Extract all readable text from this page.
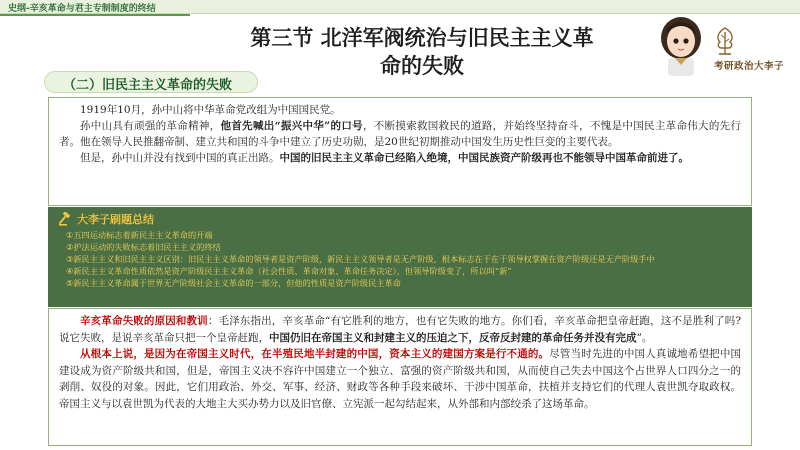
史纲-辛亥革命与君主专制制度的终结
第三节 北洋军阀统治与旧民主主义革
命的失败
（二）旧民主主义革命的失败
考研政治大李子

1919年10月，孙中山将中华革命党改组为中国国民党。

孙中山具有顽强的革命精神，他首先喊出“振兴中华”的口号，不断摸索救国救民的道路，并始终坚持奋斗，不愧是中国民主革命伟大的先行者。他在领导人民推翻帝制、建立共和国的斗争中建立了历史功勋，是20世纪初期推动中国发生历史性巨变的主要代表。

但是，孙中山并没有找到中国的真正出路。中国的旧民主主义革命已经陷入绝境，中国民族资产阶级再也不能领导中国革命前进了。

大李子刷题总结
①五四运动标志着新民主主义革命的开端
②护法运动的失败标志着旧民主主义的终结
③新民主主义和旧民主主义区别：旧民主主义革命的领导者是资产阶级，新民主主义领导者是无产阶级，根本标志在于在于领导权掌握在资产阶级还是无产阶级手中
④新民主主义革命性质依然是资产阶级民主主义革命（社会性质、革命对象、革命任务决定），但领导阶级变了，所以叫“新”
⑤新民主主义革命属于世界无产阶级社会主义革命的一部分，但他的性质是资产阶级民主革命

辛亥革命失败的原因和教训：毛泽东指出，辛亥革命“有它胜利的地方，也有它失败的地方。你们看，辛亥革命把皇帝赶跑，这不是胜利了吗?说它失败，是说辛亥革命只把一个皇帝赶跑，中国仍旧在帝国主义和封建主义的压迫之下，反帝反封建的革命任务并没有完成”。

从根本上说，是因为在帝国主义时代，在半殖民地半封建的中国，资本主义的建国方案是行不通的。尽管当时先进的中国人真诚地希望把中国建设成为资产阶级共和国，但是，帝国主义决不容许中国建立一个独立、富强的资产阶级共和国，从而使自己失去中国这个占世界人口四分之一的剥削、奴役的对象。因此，它们用政治、外交、军事、经济、财政等各种手段来破坏、干涉中国革命，扶植并支持它们的代理人袁世凯夺取政权。帝国主义与以袁世凯为代表的大地主大买办势力以及旧官僚、立宪派一起勾结起来，从外部和内部绞杀了这场革命。
